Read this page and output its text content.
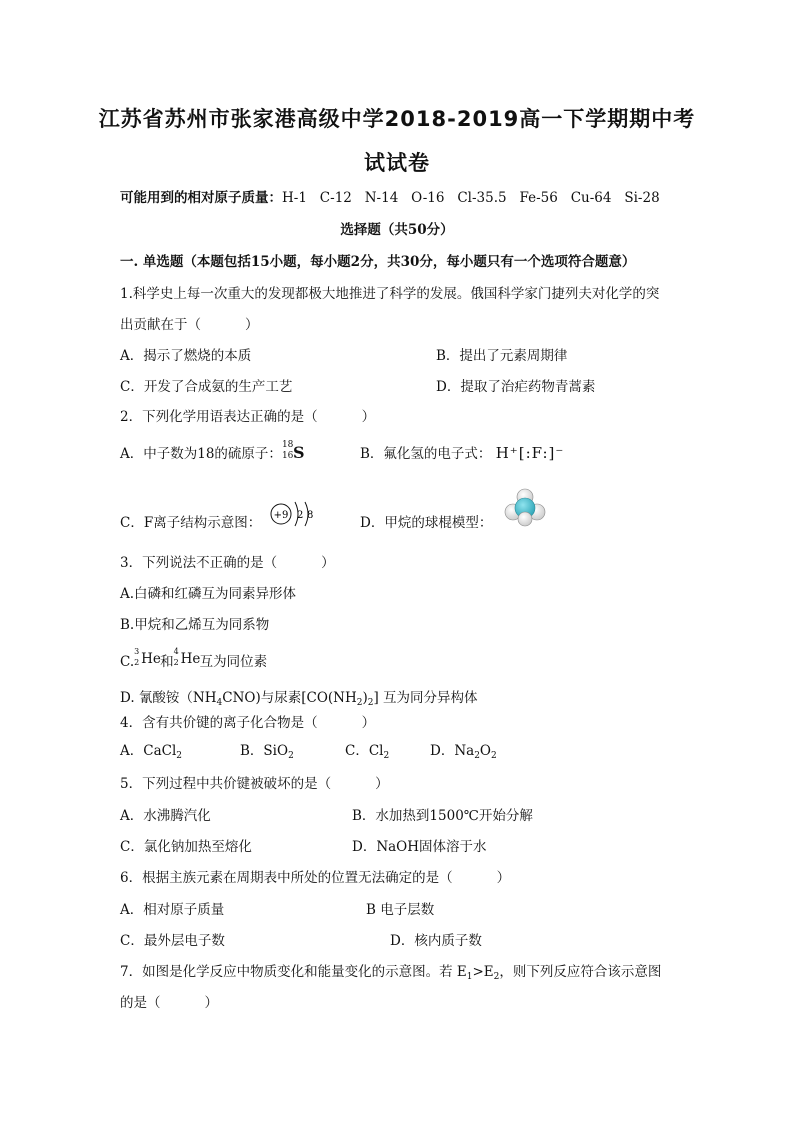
江苏省苏州市张家港高级中学2018-2019高一下学期期中考
试试卷
可能用到的相对原子质量：H-1   C-12   N-14   O-16   Cl-35.5   Fe-56   Cu-64   Si-28
选择题（共50分）
一. 单选题（本题包括15小题，每小题2分，共30分，每小题只有一个选项符合题意）
1.科学史上每一次重大的发现都极大地推进了科学的发展。俄国科学家门捷列夫对化学的突
出贡献在于（	）
A．揭示了燃烧的本质	B．提出了元素周期律
C．开发了合成氨的生产工艺	D．提取了治疟药物青蒿素
2．下列化学用语表达正确的是（	）
A．中子数为18的硫原子：
18
16 S	B．氟化氢的电子式： H⁺[:F:]⁻
C．F离子结构示意图： +9 2 8	D．甲烷的球棍模型：
3．下列说法不正确的是（	）
A.白磷和红磷互为同素异形体
B.甲烷和乙烯互为同系物
C.
3
2 He 和
4
2 He 互为同位素
D. 氰酸铵$(NH_4CNO)$与尿素$[CO(NH_2)_2]$ 互为同分异构体
4．含有共价键的离子化合物是（	）
A．CaCl$_2$	B．SiO$_2$	C．$Cl_2$	D．$Na_2O_2$
5．下列过程中共价键被破坏的是（	）
A．水沸腾汽化	B．水加热到1500℃开始分解
C．氯化钠加热至熔化	D．NaOH固体溶于水
6．根据主族元素在周期表中所处的位置无法确定的是（	）
A．相对原子质量	B 电子层数
C．最外层电子数	D．核内质子数
7．如图是化学反应中物质变化和能量变化的示意图。若 $E_1>E_2$，则下列反应符合该示意图
的是（	）
